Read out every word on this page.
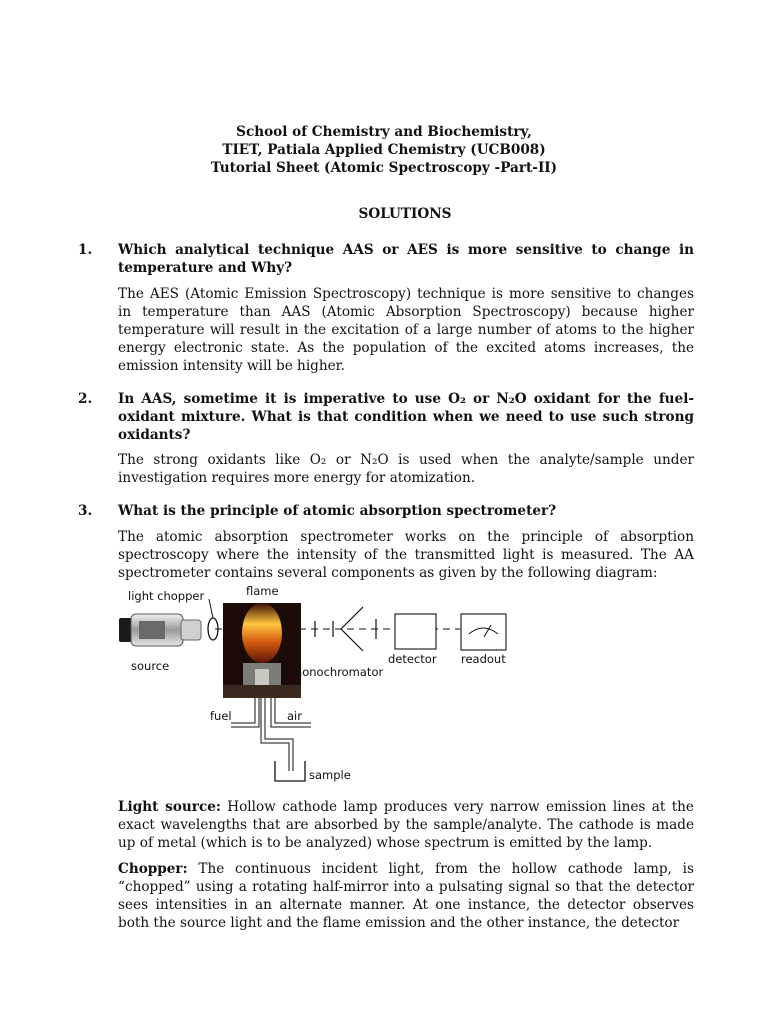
School of Chemistry and Biochemistry,
TIET, Patiala Applied Chemistry (UCB008)
Tutorial Sheet (Atomic Spectroscopy -Part-II)
SOLUTIONS
1. Which analytical technique AAS or AES is more sensitive to change in temperature and Why?

The AES (Atomic Emission Spectroscopy) technique is more sensitive to changes in temperature than AAS (Atomic Absorption Spectroscopy) because higher temperature will result in the excitation of a large number of atoms to the higher energy electronic state. As the population of the excited atoms increases, the emission intensity will be higher.

2. In AAS, sometime it is imperative to use O₂ or N₂O oxidant for the fuel-oxidant mixture. What is that condition when we need to use such strong oxidants?

The strong oxidants like O₂ or N₂O is used when the analyte/sample under investigation requires more energy for atomization.

3. What is the principle of atomic absorption spectrometer?

The atomic absorption spectrometer works on the principle of absorption spectroscopy where the intensity of the transmitted light is measured. The AA spectrometer contains several components as given by the following diagram:

light chopper	flame
source	monochromator
detector readout
fuel	air
sample

Light source: Hollow cathode lamp produces very narrow emission lines at the exact wavelengths that are absorbed by the sample/analyte. The cathode is made up of metal (which is to be analyzed) whose spectrum is emitted by the lamp.

Chopper: The continuous incident light, from the hollow cathode lamp, is “chopped” using a rotating half-mirror into a pulsating signal so that the detector sees intensities in an alternate manner. At one instance, the detector observes both the source light and the flame emission and the other instance, the detector
